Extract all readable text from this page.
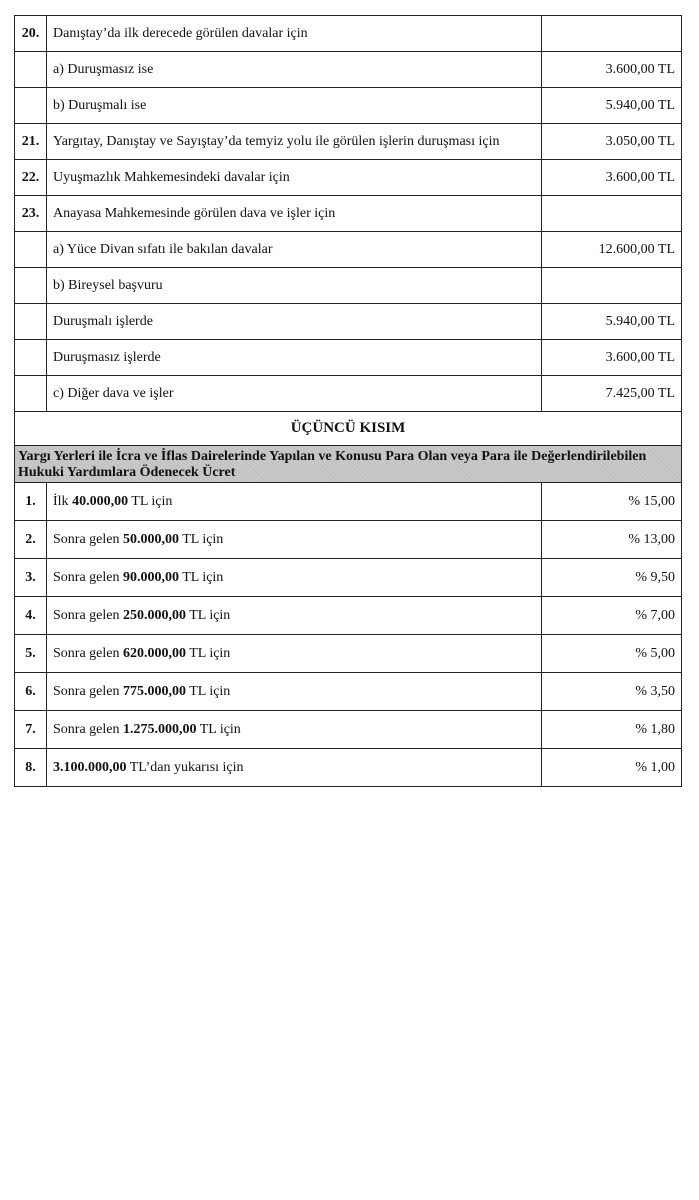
20.	Danıştay’da ilk derecede görülen davalar için	
	a) Duruşmasız ise	3.600,00 TL
	b) Duruşmalı ise	5.940,00 TL
21.	Yargıtay, Danıştay ve Sayıştay’da temyiz yolu ile görülen işlerin duruşması için	3.050,00 TL
22.	Uyuşmazlık Mahkemesindeki davalar için	3.600,00 TL
23.	Anayasa Mahkemesinde görülen dava ve işler için	
	a) Yüce Divan sıfatı ile bakılan davalar	12.600,00 TL
	b) Bireysel başvuru	
	Duruşmalı işlerde	5.940,00 TL
	Duruşmasız işlerde	3.600,00 TL
	c) Diğer dava ve işler	7.425,00 TL
ÜÇÜNCÜ KISIM		
Yargı Yerleri ile İcra ve İflas Dairelerinde Yapılan ve Konusu Para Olan veya Para ile Değerlendirilebilen Hukuki Yardımlara Ödenecek Ücret		
1.	İlk 40.000,00 TL için	% 15,00
2.	Sonra gelen 50.000,00 TL için	% 13,00
3.	Sonra gelen 90.000,00 TL için	% 9,50
4.	Sonra gelen 250.000,00 TL için	% 7,00
5.	Sonra gelen 620.000,00 TL için	% 5,00
6.	Sonra gelen 775.000,00 TL için	% 3,50
7.	Sonra gelen 1.275.000,00 TL için	% 1,80
8.	3.100.000,00 TL’dan yukarısı için	% 1,00
